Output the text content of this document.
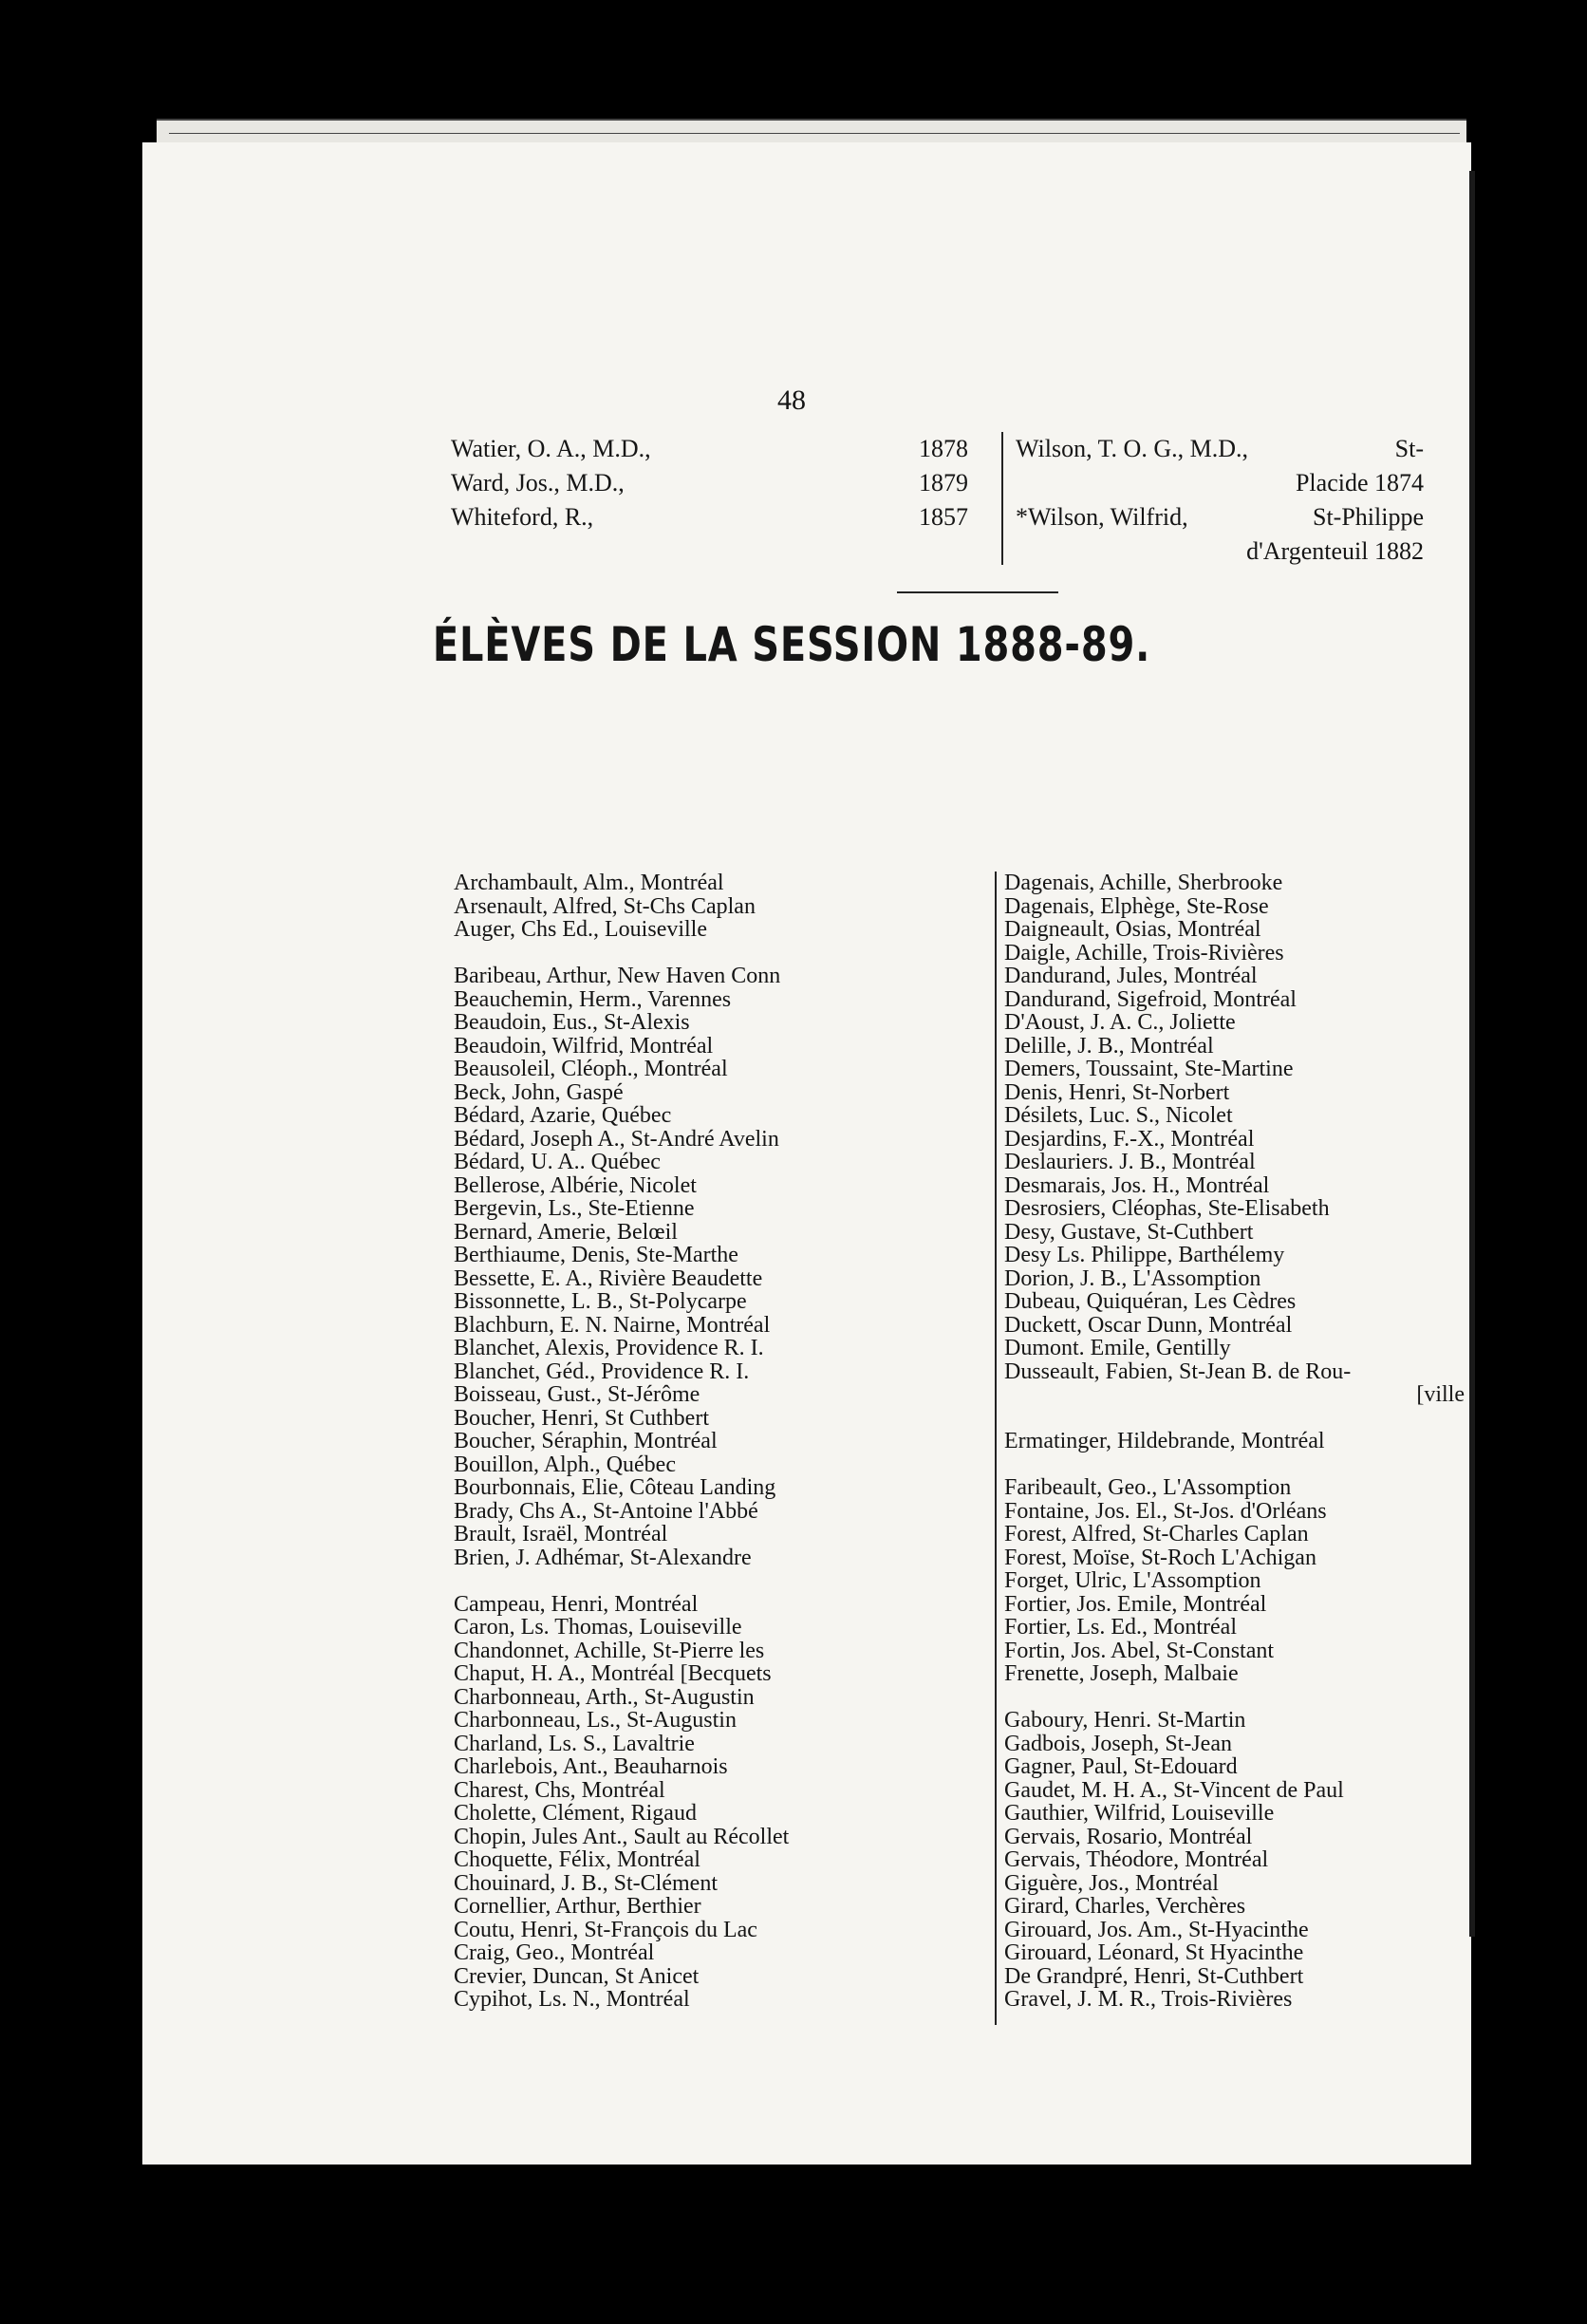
48
Watier, O. A., M.D.,	1878
Ward, Jos., M.D.,	1879
Whiteford, R.,	1857
Wilson, T. O. G., M.D.,	St-
Placide 1874
*Wilson, Wilfrid,	St-Philippe
d'Argenteuil 1882
ÉLÈVES DE LA SESSION 1888-89.
Archambault, Alm., Montréal
Arsenault, Alfred, St-Chs Caplan
Auger, Chs Ed., Louiseville
Baribeau, Arthur, New Haven Conn
Beauchemin, Herm., Varennes
Beaudoin, Eus., St-Alexis
Beaudoin, Wilfrid, Montréal
Beausoleil, Cléoph., Montréal
Beck, John, Gaspé
Bédard, Azarie, Québec
Bédard, Joseph A., St-André Avelin
Bédard, U. A.. Québec
Bellerose, Albérie, Nicolet
Bergevin, Ls., Ste-Etienne
Bernard, Amerie, Belœil
Berthiaume, Denis, Ste-Marthe
Bessette, E. A., Rivière Beaudette
Bissonnette, L. B., St-Polycarpe
Blachburn, E. N. Nairne, Montréal
Blanchet, Alexis, Providence R. I.
Blanchet, Géd., Providence R. I.
Boisseau, Gust., St-Jérôme
Boucher, Henri, St Cuthbert
Boucher, Séraphin, Montréal
Bouillon, Alph., Québec
Bourbonnais, Elie, Côteau Landing
Brady, Chs A., St-Antoine l'Abbé
Brault, Israël, Montréal
Brien, J. Adhémar, St-Alexandre
Campeau, Henri, Montréal
Caron, Ls. Thomas, Louiseville
Chandonnet, Achille, St-Pierre les
Chaput, H. A., Montréal [Becquets
Charbonneau, Arth., St-Augustin
Charbonneau, Ls., St-Augustin
Charland, Ls. S., Lavaltrie
Charlebois, Ant., Beauharnois
Charest, Chs, Montréal
Cholette, Clément, Rigaud
Chopin, Jules Ant., Sault au Récollet
Choquette, Félix, Montréal
Chouinard, J. B., St-Clément
Cornellier, Arthur, Berthier
Coutu, Henri, St-François du Lac
Craig, Geo., Montréal
Crevier, Duncan, St Anicet
Cypihot, Ls. N., Montréal
Dagenais, Achille, Sherbrooke
Dagenais, Elphège, Ste-Rose
Daigneault, Osias, Montréal
Daigle, Achille, Trois-Rivières
Dandurand, Jules, Montréal
Dandurand, Sigefroid, Montréal
D'Aoust, J. A. C., Joliette
Delille, J. B., Montréal
Demers, Toussaint, Ste-Martine
Denis, Henri, St-Norbert
Désilets, Luc. S., Nicolet
Desjardins, F.-X., Montréal
Deslauriers. J. B., Montréal
Desmarais, Jos. H., Montréal
Desrosiers, Cléophas, Ste-Elisabeth
Desy, Gustave, St-Cuthbert
Desy Ls. Philippe, Barthélemy
Dorion, J. B., L'Assomption
Dubeau, Quiquéran, Les Cèdres
Duckett, Oscar Dunn, Montréal
Dumont. Emile, Gentilly
Dusseault, Fabien, St-Jean B. de Rou-
[ville
Ermatinger, Hildebrande, Montréal
Faribeault, Geo., L'Assomption
Fontaine, Jos. El., St-Jos. d'Orléans
Forest, Alfred, St-Charles Caplan
Forest, Moïse, St-Roch L'Achigan
Forget, Ulric, L'Assomption
Fortier, Jos. Emile, Montréal
Fortier, Ls. Ed., Montréal
Fortin, Jos. Abel, St-Constant
Frenette, Joseph, Malbaie
Gaboury, Henri. St-Martin
Gadbois, Joseph, St-Jean
Gagner, Paul, St-Edouard
Gaudet, M. H. A., St-Vincent de Paul
Gauthier, Wilfrid, Louiseville
Gervais, Rosario, Montréal
Gervais, Théodore, Montréal
Giguère, Jos., Montréal
Girard, Charles, Verchères
Girouard, Jos. Am., St-Hyacinthe
Girouard, Léonard, St Hyacinthe
De Grandpré, Henri, St-Cuthbert
Gravel, J. M. R., Trois-Rivières
